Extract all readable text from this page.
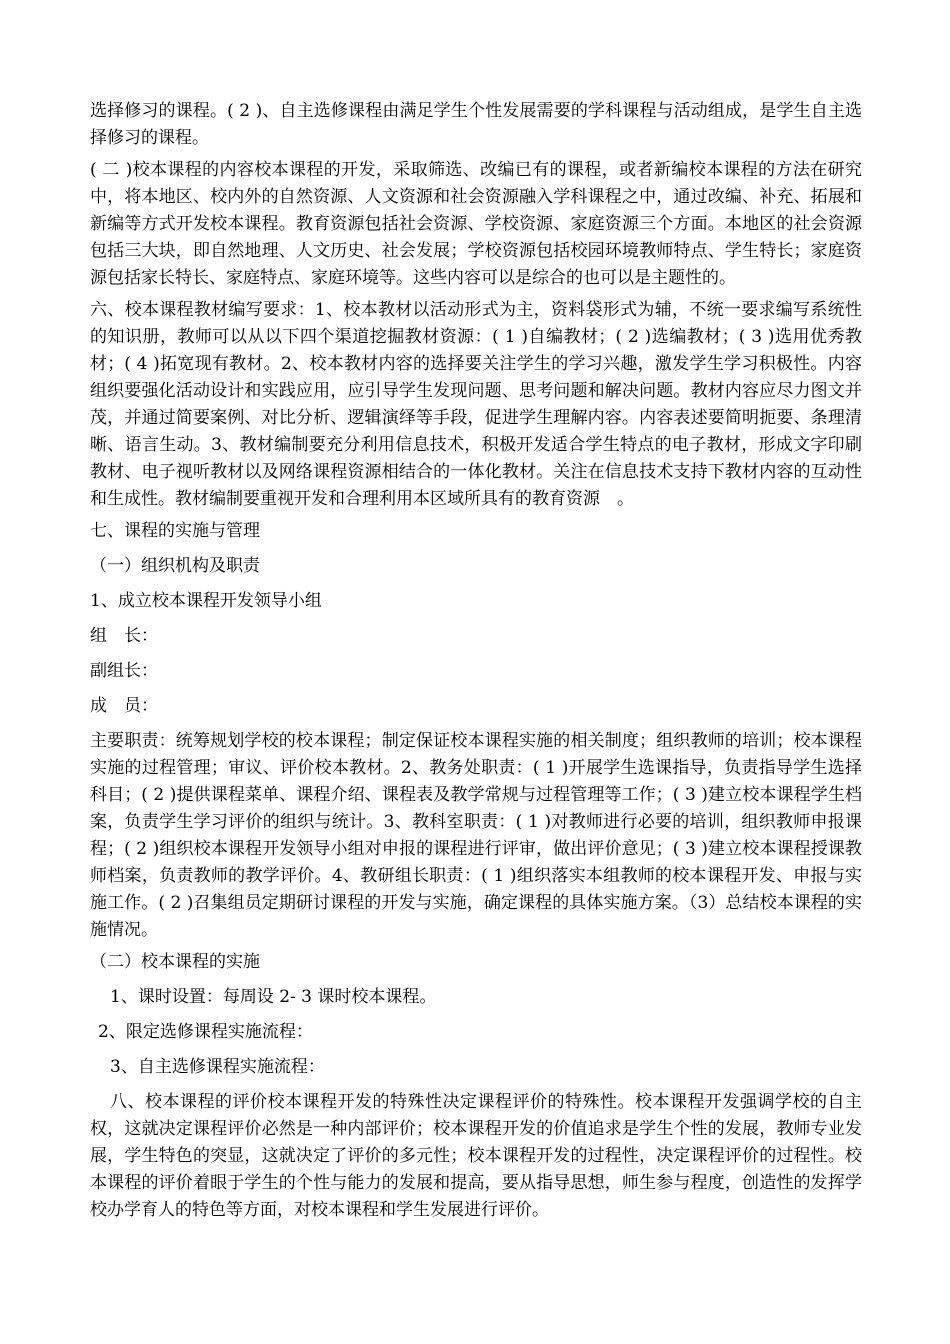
选择修习的课程。( 2 )、自主选修课程由满足学生个性发展需要的学科课程与活动组成，是学生自主选择修习的课程。

( 二 )校本课程的内容校本课程的开发，采取筛选、改编已有的课程，或者新编校本课程的方法在研究中，将本地区、校内外的自然资源、人文资源和社会资源融入学科课程之中，通过改编、补充、拓展和新编等方式开发校本课程。教育资源包括社会资源、学校资源、家庭资源三个方面。本地区的社会资源包括三大块，即自然地理、人文历史、社会发展；学校资源包括校园环境教师特点、学生特长；家庭资源包括家长特长、家庭特点、家庭环境等。这些内容可以是综合的也可以是主题性的。

六、校本课程教材编写要求：1、校本教材以活动形式为主，资料袋形式为辅，不统一要求编写系统性的知识册，教师可以从以下四个渠道挖掘教材资源：( 1 )自编教材；( 2 )选编教材；( 3 )选用优秀教材；( 4 )拓宽现有教材。2、校本教材内容的选择要关注学生的学习兴趣，激发学生学习积极性。内容组织要强化活动设计和实践应用，应引导学生发现问题、思考问题和解决问题。教材内容应尽力图文并茂，并通过简要案例、对比分析、逻辑演绎等手段，促进学生理解内容。内容表述要简明扼要、条理清晰、语言生动。3、教材编制要充分利用信息技术，积极开发适合学生特点的电子教材，形成文字印刷教材、电子视听教材以及网络课程资源相结合的一体化教材。关注在信息技术支持下教材内容的互动性和生成性。教材编制要重视开发和合理利用本区域所具有的教育资源　。

七、课程的实施与管理

（一）组织机构及职责

1、成立校本课程开发领导小组

组　长：

副组长：

成　员：

主要职责：统筹规划学校的校本课程；制定保证校本课程实施的相关制度；组织教师的培训；校本课程实施的过程管理；审议、评价校本教材。2、教务处职责：( 1 )开展学生选课指导，负责指导学生选择科目；( 2 )提供课程菜单、课程介绍、课程表及教学常规与过程管理等工作；( 3 )建立校本课程学生档案，负责学生学习评价的组织与统计。3、教科室职责：( 1 )对教师进行必要的培训，组织教师申报课程；( 2 )组织校本课程开发领导小组对申报的课程进行评审，做出评价意见；( 3 )建立校本课程授课教师档案，负责教师的教学评价。4、教研组长职责：( 1 )组织落实本组教师的校本课程开发、申报与实施工作。( 2 )召集组员定期研讨课程的开发与实施，确定课程的具体实施方案。（3）总结校本课程的实施情况。

（二）校本课程的实施

1、课时设置：每周设 2- 3 课时校本课程。

2、限定选修课程实施流程：

3、自主选修课程实施流程：

八、校本课程的评价校本课程开发的特殊性决定课程评价的特殊性。校本课程开发强调学校的自主权，这就决定课程评价必然是一种内部评价；校本课程开发的价值追求是学生个性的发展，教师专业发展，学生特色的突显，这就决定了评价的多元性；校本课程开发的过程性，决定课程评价的过程性。校本课程的评价着眼于学生的个性与能力的发展和提高，要从指导思想，师生参与程度，创造性的发挥学校办学育人的特色等方面，对校本课程和学生发展进行评价。
